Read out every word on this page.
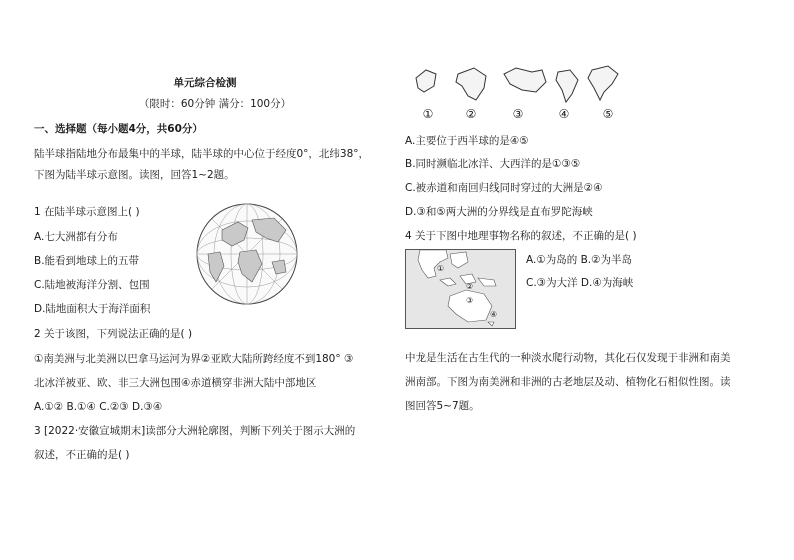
单元综合检测
（限时：60分钟 满分：100分）
一、选择题（每小题4分，共60分）
陆半球指陆地分布最集中的半球，陆半球的中心位于经度0°，北纬38°，
下图为陆半球示意图。读图，回答1~2题。
1 在陆半球示意图上( )
A.七大洲都有分布
B.能看到地球上的五带
C.陆地被海洋分割、包围
D.陆地面积大于海洋面积
2 关于该图，下列说法正确的是( )
①南美洲与北美洲以巴拿马运河为界②亚欧大陆所跨经度不到180° ③
北冰洋被亚、欧、非三大洲包围④赤道横穿非洲大陆中部地区
A.①② B.①④ C.②③ D.③④
3 [2022·安徽宣城期末]读部分大洲轮廓图，判断下列关于图示大洲的
叙述，不正确的是( )
①	②	③	④	⑤
A.主要位于西半球的是④⑤
B.同时濒临北冰洋、大西洋的是①③⑤
C.被赤道和南回归线同时穿过的大洲是②④
D.③和⑤两大洲的分界线是直布罗陀海峡
4 关于下图中地理事物名称的叙述，不正确的是( )
①
②
③
④
A.①为岛的 B.②为半岛
C.③为大洋 D.④为海峡
中龙是生活在古生代的一种淡水爬行动物，其化石仅发现于非洲和南美
洲南部。下图为南美洲和非洲的古老地层及动、植物化石相似性图。读
图回答5~7题。
